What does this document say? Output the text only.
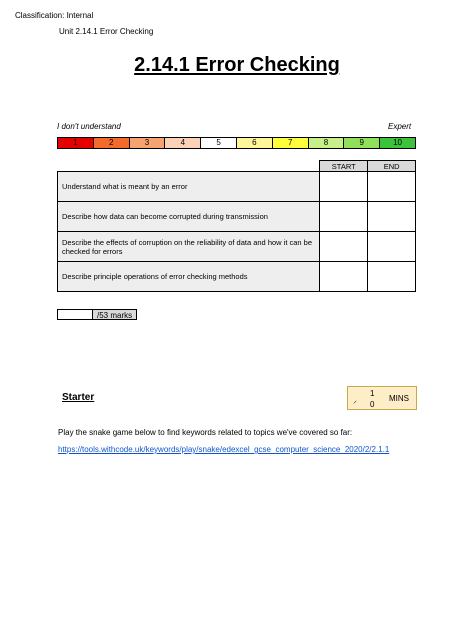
Classification: Internal
Unit 2.14.1 Error Checking
2.14.1 Error Checking
I don't understand	Expert
1	2	3	4	5	6	7	8	9	10
	START	END
Understand what is meant by an error		
Describe how data can become corrupted during transmission		
Describe the effects of corruption on the reliability of data and how it can be checked for errors		
Describe principle operations of error checking methods		
/53 marks
Starter	⸝
1
0
MINS
Play the snake game below to find keywords related to topics we've covered so far:
https://tools.withcode.uk/keywords/play/snake/edexcel_gcse_computer_science_2020/2/2.1.1
